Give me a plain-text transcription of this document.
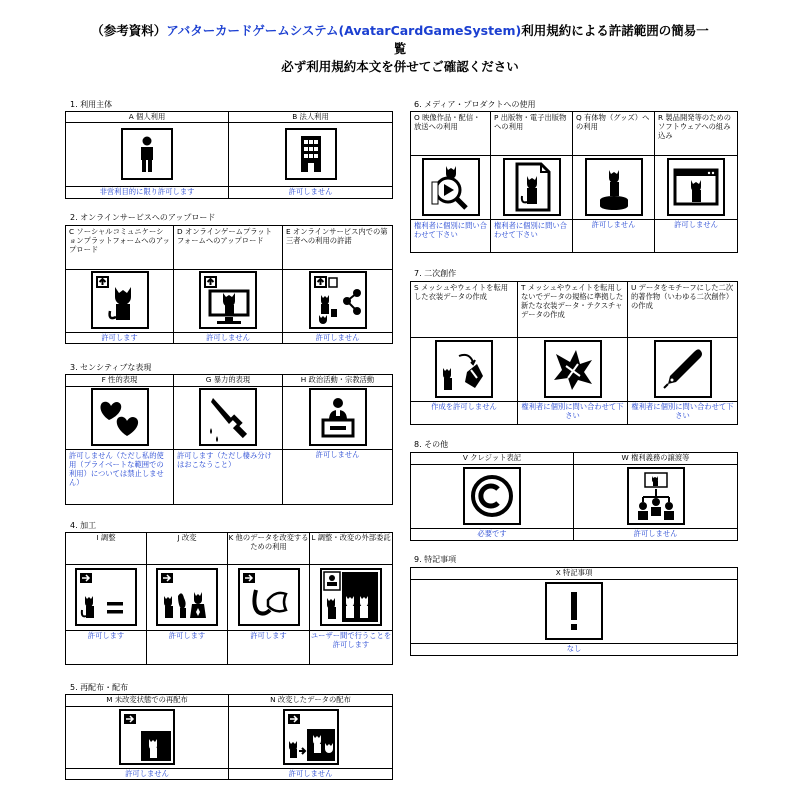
（参考資料）アバターカードゲームシステム(AvatarCardGameSystem)利用規約による許諾範囲の簡易一
覧
必ず利用規約本文を併せてご確認ください
1. 利用主体
A 個人利用	B 法人利用

非営利目的に限り許可します	許可しません
2. オンラインサービスへのアップロード
C ソーシャルコミュニケーションプラットフォームへのアップロード	D オンラインゲームプラットフォームへのアップロード	E オンラインサービス内での第三者への利用の許諾

許可します	許可しません	許可しません
3. センシティブな表現
F 性的表現	G 暴力的表現	H 政治活動・宗教活動

許可しません（ただし私的使用（プライベートな範囲での利用）については禁止しません）	許可します（ただし棲み分けはおこなうこと）	許可しません
4. 加工
I 調整	J 改変	K 他のデータを改変するための利用	L 調整・改変の外部委託

許可します	許可します	許可します	ユーザー間で行うことを許可します
5. 再配布・配布
M 未改変状態での再配布	N 改変したデータの配布

許可しません	許可しません
6. メディア・プロダクトへの使用
O 映像作品・配信・放送への利用	P 出版物・電子出版物への利用	Q 有体物（グッズ）への利用	R 製品開発等のためのソフトウェアへの組み込み

権利者に個別に問い合わせて下さい	権利者に個別に問い合わせて下さい	許可しません	許可しません
7. 二次創作
S メッシュやウェイトを転用した衣装データの作成	T メッシュやウェイトを転用しないでデータの規格に準拠した新たな衣装データ・テクスチャデータの作成	U データをモチーフにした二次的著作物（いわゆる二次創作）の作成

作成を許可しません	権利者に個別に問い合わせて下さい	権利者に個別に問い合わせて下さい
8. その他
V クレジット表記	W 権利義務の譲渡等

必要です	許可しません
9. 特記事項
X 特記事項

なし
